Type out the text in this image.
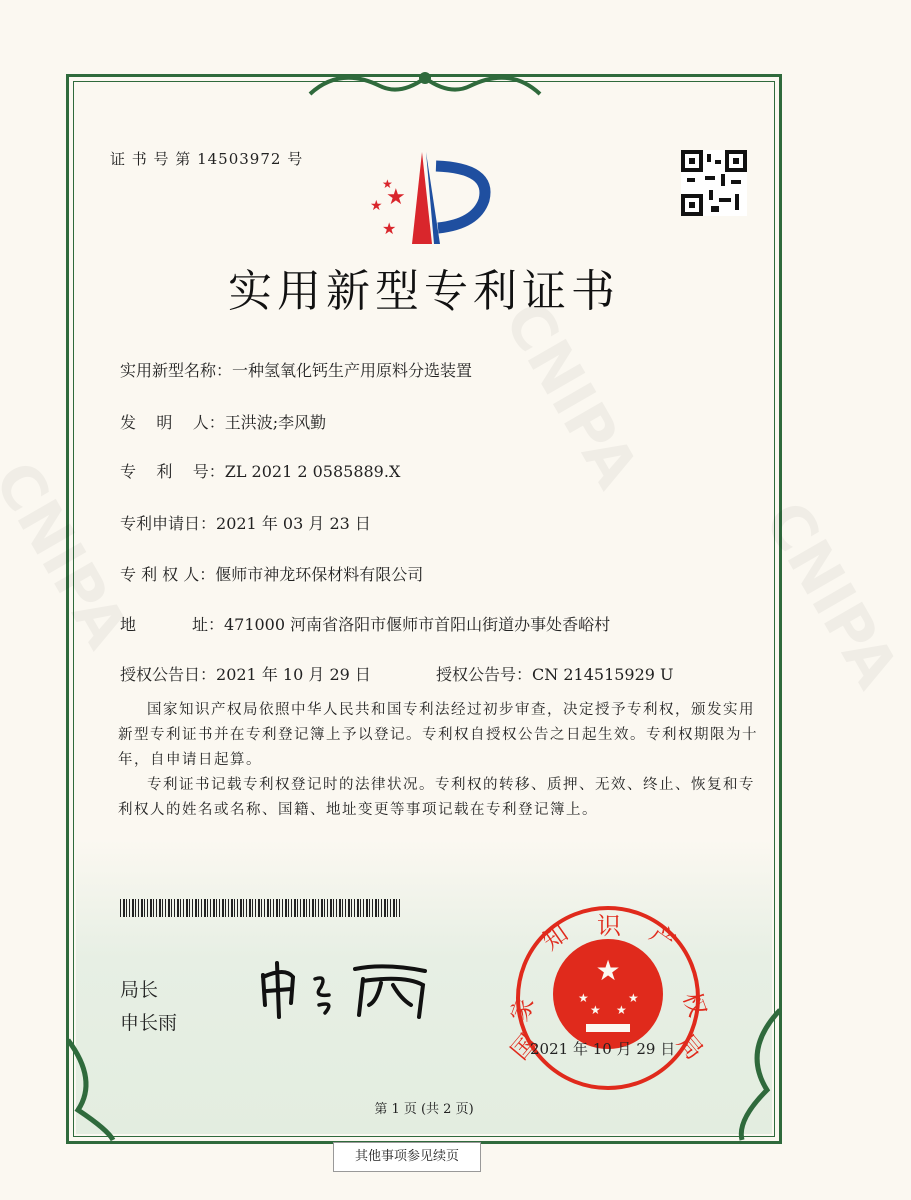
证 书 号 第 14503972 号
★
★ ★
★
实用新型专利证书
实用新型名称：一种氢氧化钙生产用原料分选装置
发    明    人：王洪波;李风勤
专    利    号：ZL 2021 2 0585889.X
专利申请日：2021 年 03 月 23 日
专 利 权 人：偃师市神龙环保材料有限公司
地           址：471000 河南省洛阳市偃师市首阳山街道办事处香峪村
授权公告日：2021 年 10 月 29 日	授权公告号：CN 214515929 U

国家知识产权局依照中华人民共和国专利法经过初步审查，决定授予专利权，颁发实用新型专利证书并在专利登记簿上予以登记。专利权自授权公告之日起生效。专利权期限为十年，自申请日起算。

专利证书记载专利权登记时的法律状况。专利权的转移、质押、无效、终止、恢复和专利权人的姓名或名称、国籍、地址变更等事项记载在专利登记簿上。

局长
申长雨
★
★	★
★ ★
国
家
知 识 产
权
局
2021 年 10 月 29 日
第 1 页 (共 2 页)
其他事项参见续页
